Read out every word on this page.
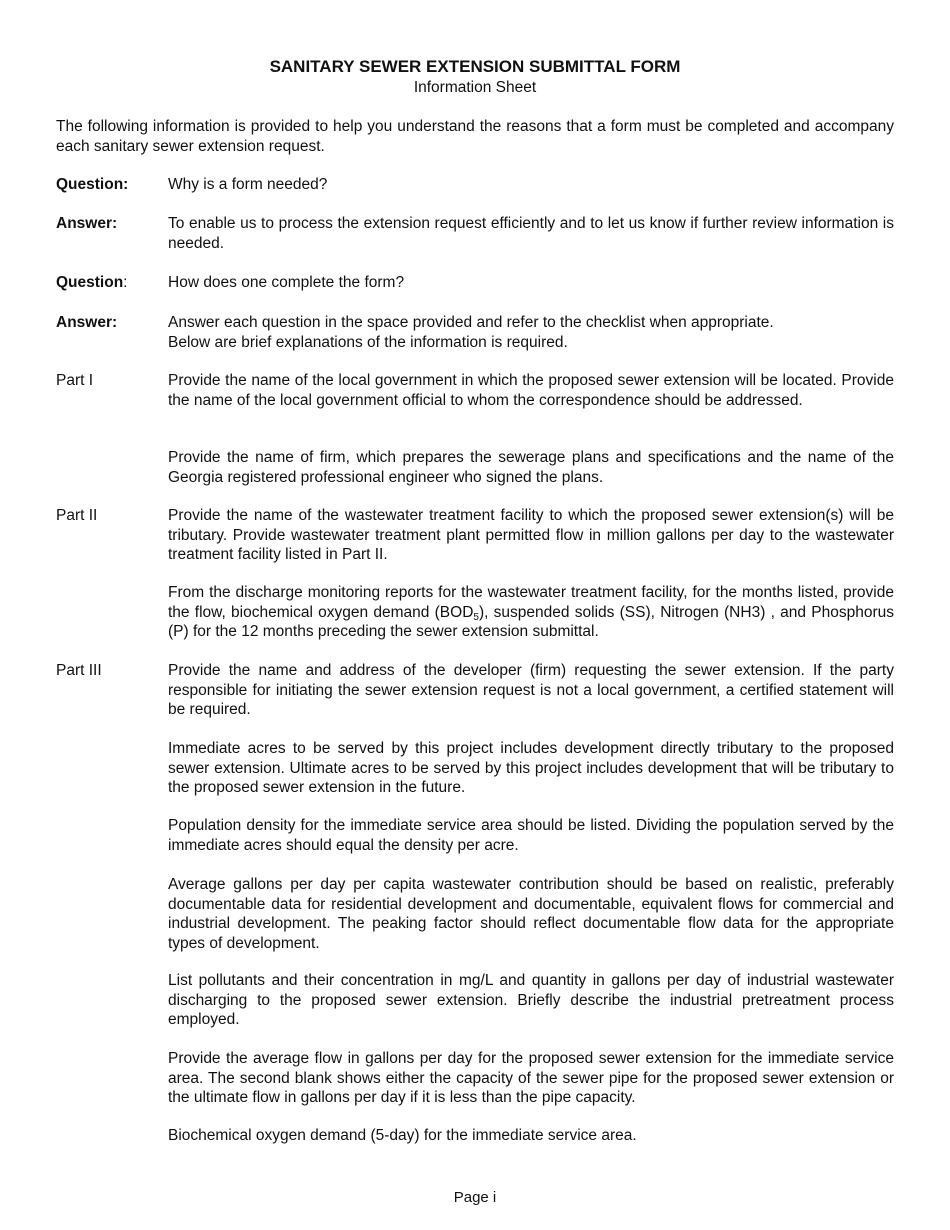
SANITARY SEWER EXTENSION SUBMITTAL FORM
Information Sheet
The following information is provided to help you understand the reasons that a form must be completed and accompany each sanitary sewer extension request.
Question:	Why is a form needed?
Answer:	To enable us to process the extension request efficiently and to let us know if further review information is needed.
Question:	How does one complete the form?
Answer:	Answer each question in the space provided and refer to the checklist when appropriate.
Below are brief explanations of the information is required.
Part I	Provide the name of the local government in which the proposed sewer extension will be located. Provide the name of the local government official to whom the correspondence should be addressed.
Provide the name of firm, which prepares the sewerage plans and specifications and the name of the Georgia registered professional engineer who signed the plans.
Part II	Provide the name of the wastewater treatment facility to which the proposed sewer extension(s) will be tributary. Provide wastewater treatment plant permitted flow in million gallons per day to the wastewater treatment facility listed in Part II.
From the discharge monitoring reports for the wastewater treatment facility, for the months listed, provide the flow, biochemical oxygen demand $(BOD_5)$, suspended solids (SS), Nitrogen (NH3) , and Phosphorus (P) for the 12 months preceding the sewer extension submittal.
Part III	Provide the name and address of the developer (firm) requesting the sewer extension. If the party responsible for initiating the sewer extension request is not a local government, a certified statement will be required.
Immediate acres to be served by this project includes development directly tributary to the proposed sewer extension. Ultimate acres to be served by this project includes development that will be tributary to the proposed sewer extension in the future.
Population density for the immediate service area should be listed. Dividing the population served by the immediate acres should equal the density per acre.
Average gallons per day per capita wastewater contribution should be based on realistic, preferably documentable data for residential development and documentable, equivalent flows for commercial and industrial development. The peaking factor should reflect documentable flow data for the appropriate types of development.
List pollutants and their concentration in mg/L and quantity in gallons per day of industrial wastewater discharging to the proposed sewer extension. Briefly describe the industrial pretreatment process employed.
Provide the average flow in gallons per day for the proposed sewer extension for the immediate service area. The second blank shows either the capacity of the sewer pipe for the proposed sewer extension or the ultimate flow in gallons per day if it is less than the pipe capacity.
Biochemical oxygen demand (5-day) for the immediate service area.
Page i
